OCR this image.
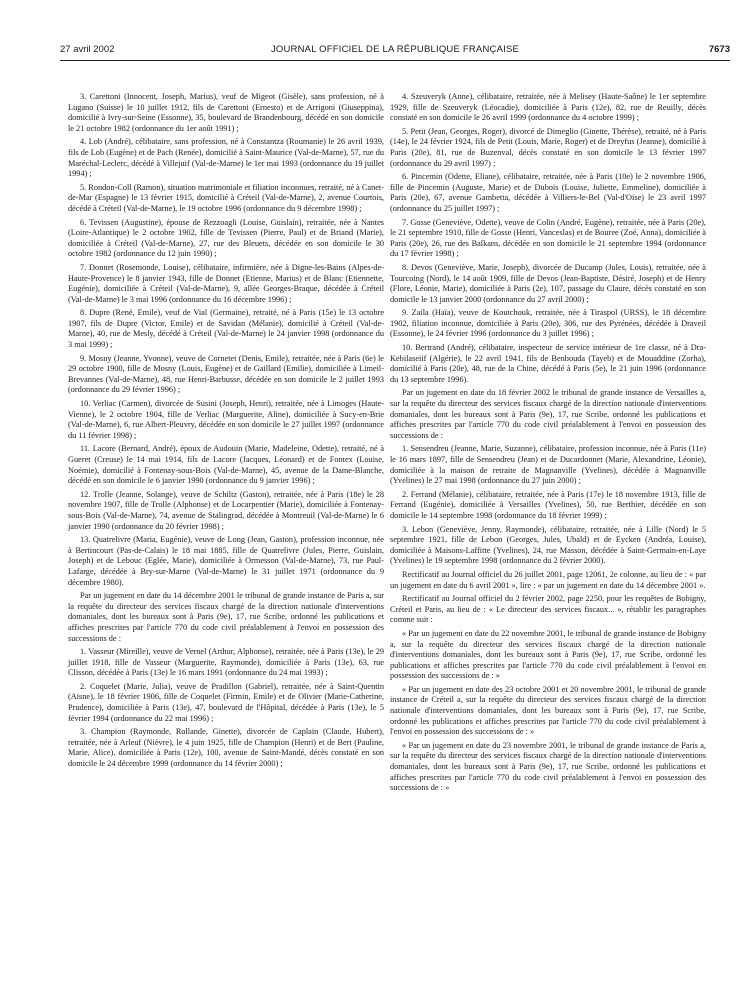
27 avril 2002	JOURNAL OFFICIEL DE LA RÉPUBLIQUE FRANÇAISE	7673

3. Carettoni (Innocent, Joseph, Marius), veuf de Migeot (Gisèle), sans profession, né à Lugano (Suisse) le 10 juillet 1912, fils de Carettoni (Ernesto) et de Arrigoni (Giuseppina), domicilié à Ivry-sur-Seine (Essonne), 35, boulevard de Brandenbourg, décédé en son domicile le 21 octobre 1982 (ordonnance du 1er août 1991) ;

4. Lob (André), célibataire, sans profession, né à Constantza (Roumanie) le 26 avril 1939, fils de Lob (Eugène) et de Pach (Renée), domicilié à Saint-Maurice (Val-de-Marne), 57, rue du Maréchal-Leclerc, décédé à Villejuif (Val-de-Marne) le 1er mai 1993 (ordonnance du 19 juillet 1994) ;

5. Rondon-Coll (Ramon), situation matrimoniale et filiation inconnues, retraité, né à Canet-de-Mar (Espagne) le 13 février 1915, domicilié à Créteil (Val-de-Marne), 2, avenue Courtois, décédé à Créteil (Val-de-Marne), le 19 octobre 1996 (ordonnance du 9 décembre 1998) ;

6. Tevissen (Augustine), épouse de Rezzoagli (Louise, Guislain), retraitée, née à Nantes (Loire-Atlantique) le 2 octobre 1902, fille de Tevissen (Pierre, Paul) et de Briand (Marie), domiciliée à Créteil (Val-de-Marne), 27, rue des Bleuets, décédée en son domicile le 30 octobre 1982 (ordonnance du 12 juin 1990) ;

7. Donnet (Rosemonde, Louise), célibataire, infirmière, née à Digne-les-Bains (Alpes-de-Haute-Provence) le 8 janvier 1943, fille de Donnet (Etienne, Marius) et de Blanc (Etiennette, Eugénie), domiciliée à Créteil (Val-de-Marne), 9, allée Georges-Braque, décédée à Créteil (Val-de-Marne) le 3 mai 1996 (ordonnance du 16 décembre 1996) ;

8. Dupre (René, Emile), veuf de Vial (Germaine), retraité, né à Paris (15e) le 13 octobre 1907, fils de Dupre (Victor, Emile) et de Savidan (Mélanie), domicilié à Créteil (Val-de-Marne), 40, rue de Mesly, décédé à Créteil (Val-de-Marne) le 24 janvier 1998 (ordonnance du 3 mai 1999) ;

9. Mosny (Jeanne, Yvonne), veuve de Cornetet (Denis, Emile), retraitée, née à Paris (6e) le 29 octobre 1900, fille de Mosny (Louis, Eugène) et de Gaillard (Emilie), domiciliée à Limeil-Brevannes (Val-de-Marne), 48, rue Henri-Barbusse, décédée en son domicile le 2 juillet 1993 (ordonnance du 29 février 1996) ;

10. Verliac (Carmen), divorcée de Susini (Joseph, Henri), retraitée, née à Limoges (Haute-Vienne), le 2 octobre 1904, fille de Verliac (Marguerite, Aline), domiciliée à Sucy-en-Brie (Val-de-Marne), 6, rue Albert-Pleuvry, décédée en son domicile le 27 juillet 1997 (ordonnance du 11 février 1998) ;

11. Lacore (Bernard, André), époux de Audouin (Marie, Madeleine, Odette), retraité, né à Gueret (Creuse) le 14 mai 1914, fils de Lacore (Jacques, Léonard) et de Fontex (Louise, Noémie), domicilié à Fontenay-sous-Bois (Val-de-Marne), 45, avenue de la Dame-Blanche, décédé en son domicile le 6 janvier 1990 (ordonnance du 9 janvier 1996) ;

12. Trolle (Jeanne, Solange), veuve de Schiltz (Gaston), retraitée, née à Paris (18e) le 28 novembre 1907, fille de Trolle (Alphonse) et de Locarpentier (Marie), domiciliée à Fontenay-sous-Bois (Val-de-Marne), 74, avenue de Stalingrad, décédée à Montreuil (Val-de-Marne) le 6 janvier 1990 (ordonnance du 20 février 1998) ;

13. Quatrelivre (Maria, Eugénie), veuve de Long (Jean, Gaston), profession inconnue, née à Bertincourt (Pas-de-Calais) le 18 mai 1885, fille de Quatrelivre (Jules, Pierre, Guislain, Joseph) et de Lebouc (Eglée, Marie), domiciliée à Ormesson (Val-de-Marne), 73, rue Paul-Lafarge, décédée à Bry-sur-Marne (Val-de-Marne) le 31 juillet 1971 (ordonnance du 9 décembre 1980).

Par un jugement en date du 14 décembre 2001 le tribunal de grande instance de Paris a, sur la requête du directeur des services fiscaux chargé de la direction nationale d'interventions domaniales, dont les bureaux sont à Paris (9e), 17, rue Scribe, ordonné les publications et affiches prescrites par l'article 770 du code civil préalablement à l'envoi en possession des successions de :

1. Vasseur (Mireille), veuve de Vernel (Arthur, Alphonse), retraitée, née à Paris (13e), le 29 juillet 1918, fille de Vasseur (Marguerite, Raymonde), domiciliée à Paris (13e), 63, rue Clisson, décédée à Paris (13e) le 16 mars 1991 (ordonnance du 24 mai 1993) ;

2. Coquelet (Marie, Julia), veuve de Pradillon (Gabriel), retraitée, née à Saint-Quentin (Aisne), le 18 février 1906, fille de Coquelet (Firmin, Emile) et de Olivier (Marie-Catherine, Prudence), domiciliée à Paris (13e), 47, boulevard de l'Hôpital, décédée à Paris (13e), le 5 février 1994 (ordonnance du 22 mai 1996) ;

3. Champion (Raymonde, Rollande, Ginette), divorcée de Caplain (Claude, Hubert), retraitée, née à Arleuf (Nièvre), le 4 juin 1925, fille de Champion (Henri) et de Bert (Pauline, Marie, Alice), domiciliée à Paris (12e), 100, avenue de Saint-Mandé, décès constaté en son domicile le 24 décembre 1999 (ordonnance du 14 février 2000) ;

4. Szeuveryk (Anne), célibataire, retraitée, née à Melisey (Haute-Saône) le 1er septembre 1929, fille de Szeuveryk (Léocadie), domiciliée à Paris (12e), 82, rue de Reuilly, décès constaté en son domicile le 26 avril 1999 (ordonnance du 4 octobre 1999) ;

5. Petit (Jean, Georges, Roger), divorcé de Dimeglio (Ginette, Thérèse), retraité, né à Paris (14e), le 24 février 1924, fils de Petit (Louis, Marie, Roger) et de Dreyfus (Jeanne), domicilié à Paris (20e), 81, rue de Buzenval, décès constaté en son domicile le 13 février 1997 (ordonnance du 29 avril 1997) ;

6. Pincemin (Odette, Eliane), célibataire, retraitée, née à Paris (10e) le 2 novembre 1906, fille de Pincemin (Auguste, Marie) et de Dubois (Louise, Juliette, Emmeline), domiciliée à Paris (20e), 67, avenue Gambetta, décédée à Villiers-le-Bel (Val-d'Oise) le 23 avril 1997 (ordonnance du 25 juillet 1997) ;

7. Gosse (Geneviève, Odette), veuve de Colin (André, Eugène), retraitée, née à Paris (20e), le 21 septembre 1910, fille de Gosse (Henri, Vanceslas) et de Bouree (Zoé, Anna), domiciliée à Paris (20e), 26, rue des Balkans, décédée en son domicile le 21 septembre 1994 (ordonnance du 17 février 1998) ;

8. Devos (Geneviève, Marie, Joseph), divorcée de Ducamp (Jules, Louis), retraitée, née à Tourcoing (Nord), le 14 août 1909, fille de Devos (Jean-Baptiste, Désiré, Joseph) et de Henry (Flore, Léonie, Marie), domiciliée à Paris (2e), 107, passage du Claure, décès constaté en son domicile le 13 janvier 2000 (ordonnance du 27 avril 2000) ;

9. Zaila (Haïa), veuve de Koutchouk, retraitée, née à Tiraspol (URSS), le 18 décembre 1902, filiation inconnue, domiciliée à Paris (20e), 306, rue des Pyrénées, décédée à Draveil (Essonne), le 24 février 1996 (ordonnance du 3 juillet 1996) ;

10. Bertrand (André), célibataire, inspecteur de service intérieur de 1re classe, né à Dra-Kebilaseiif (Algérie), le 22 avril 1941, fils de Benbouda (Tayeb) et de Mouaddine (Zorha), domicilié à Paris (20e), 48, rue de la Chine, décédé à Paris (5e), le 21 juin 1996 (ordonnance du 13 septembre 1996).

Par un jugement en date du 18 février 2002 le tribunal de grande instance de Versailles a, sur la requête du directeur des services fiscaux chargé de la direction nationale d'interventions domaniales, dont les bureaux sont à Paris (9e), 17, rue Scribe, ordonné les publications et affiches prescrites par l'article 770 du code civil préalablement à l'envoi en possession des successions de :

1. Sensendreu (Jeanne, Marie, Suzanne), célibataire, profession inconnue, née à Paris (11e) le 16 mars 1897, fille de Sensendreu (Jean) et de Ducardonnet (Marie, Alexandrine, Léonie), domiciliée à la maison de retraite de Magnanville (Yvelines), décédée à Magnanville (Yvelines) le 27 mai 1998 (ordonnance du 27 juin 2000) ;

2. Ferrand (Mélanie), célibataire, retraitée, née à Paris (17e) le 18 novembre 1913, fille de Ferrand (Eugénie), domiciliée à Versailles (Yvelines), 50, rue Berthier, décédée en son domicile le 14 septembre 1998 (ordonnance du 18 février 1999) ;

3. Lebon (Geneviève, Jenny, Raymonde), célibataire, retraitée, née à Lille (Nord) le 5 septembre 1921, fille de Lebon (Georges, Jules, Ubald) et de Eycken (Andréa, Louise), domiciliée à Maisons-Laffitte (Yvelines), 24, rue Masson, décédée à Saint-Germain-en-Laye (Yvelines) le 19 septembre 1998 (ordonnance du 2 février 2000).

Rectificatif au Journal officiel du 26 juillet 2001, page 12061, 2e colonne, au lieu de : « par un jugement en date du 6 avril 2001 », lire : « par un jugement en date du 14 décembre 2001 ».

Rectificatif au Journal officiel du 2 février 2002, page 2250, pour les requêtes de Bobigny, Créteil et Paris, au lieu de : « Le directeur des services fiscaux... », rétablir les paragraphes comme suit :

« Par un jugement en date du 22 novembre 2001, le tribunal de grande instance de Bobigny a, sur la requête du directeur des services fiscaux chargé de la direction nationale d'interventions domaniales, dont les bureaux sont à Paris (9e), 17, rue Scribe, ordonné les publications et affiches prescrites par l'article 770 du code civil préalablement à l'envoi en possession des successions de : »

« Par un jugement en date des 23 octobre 2001 et 20 novembre 2001, le tribunal de grande instance de Créteil a, sur la requête du directeur des services fiscaux chargé de la direction nationale d'interventions domaniales, dont les bureaux sont à Paris (9e), 17, rue Scribe, ordonné les publications et affiches prescrites par l'article 770 du code civil préalablement à l'envoi en possession des successions de : »

« Par un jugement en date du 23 novembre 2001, le tribunal de grande instance de Paris a, sur la requête du directeur des services fiscaux chargé de la direction nationale d'interventions domaniales, dont les bureaux sont à Paris (9e), 17, rue Scribe, ordonné les publications et affiches prescrites par l'article 770 du code civil préalablement à l'envoi en possession des successions de : »
